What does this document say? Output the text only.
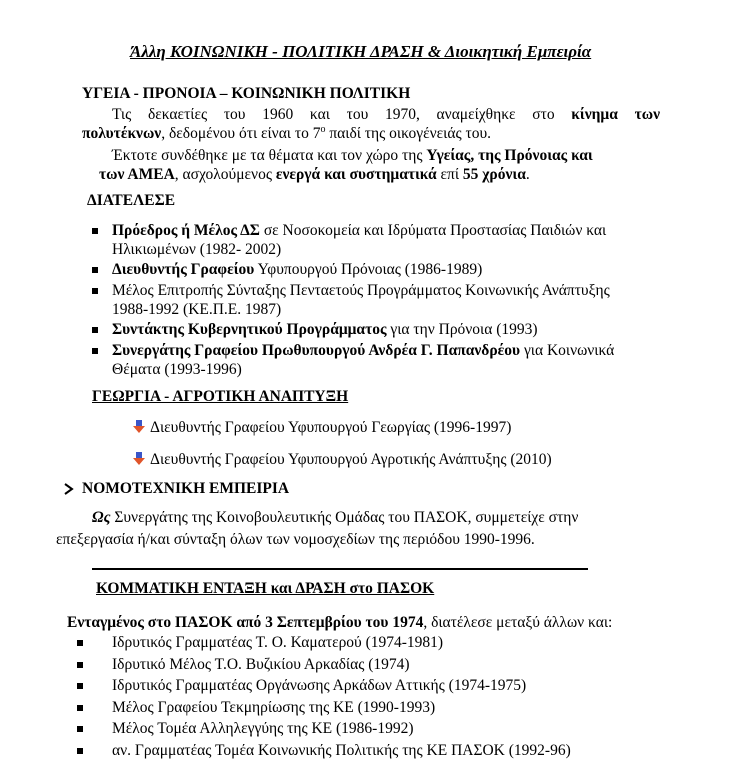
Άλλη ΚΟΙΝΩΝΙΚΗ - ΠΟΛΙΤΙΚΗ ΔΡΑΣΗ & Διοικητική Εμπειρία
ΥΓΕΙΑ - ΠΡΟΝΟΙΑ – ΚΟΙΝΩΝΙΚΗ ΠΟΛΙΤΙΚΗ
Τις δεκαετίες του 1960 και του 1970, αναμείχθηκε στο κίνημα των
πολυτέκνων, δεδομένου ότι είναι το $7^o$ παιδί της οικογένειάς του.
Έκτοτε συνδέθηκε με τα θέματα και τον χώρο της Υγείας, της Πρόνοιας και
των ΑΜΕΑ, ασχολούμενος ενεργά και συστηματικά επί 55 χρόνια.
ΔΙΑΤΕΛΕΣΕ
Πρόεδρος ή Μέλος ΔΣ σε Νοσοκομεία και Ιδρύματα Προστασίας Παιδιών και
Ηλικιωμένων (1982- 2002)
Διευθυντής Γραφείου Υφυπουργού Πρόνοιας (1986-1989)
Μέλος Επιτροπής Σύνταξης Πενταετούς Προγράμματος Κοινωνικής Ανάπτυξης
1988-1992 (ΚΕ.Π.Ε. 1987)
Συντάκτης Κυβερνητικού Προγράμματος για την Πρόνοια (1993)
Συνεργάτης Γραφείου Πρωθυπουργού Ανδρέα Γ. Παπανδρέου για Κοινωνικά
Θέματα (1993-1996)
ΓΕΩΡΓΙΑ - ΑΓΡΟΤΙΚΗ ΑΝΑΠΤΥΞΗ
Διευθυντής Γραφείου Υφυπουργού Γεωργίας (1996-1997)
Διευθυντής Γραφείου Υφυπουργού Αγροτικής Ανάπτυξης (2010)
ΝΟΜΟΤΕΧΝΙΚΗ ΕΜΠΕΙΡΙΑ
Ως Συνεργάτης της Κοινοβουλευτικής Ομάδας του ΠΑΣΟΚ, συμμετείχε στην
επεξεργασία ή/και σύνταξη όλων των νομοσχεδίων της περιόδου 1990-1996.
ΚΟΜΜΑΤΙΚΗ ΕΝΤΑΞΗ και ΔΡΑΣΗ στο ΠΑΣΟΚ
Ενταγμένος στο ΠΑΣΟΚ από 3 Σεπτεμβρίου του 1974, διατέλεσε μεταξύ άλλων και:
Ιδρυτικός Γραμματέας Τ. Ο. Καματερού (1974-1981)
Ιδρυτικό Μέλος Τ.Ο. Βυζικίου Αρκαδίας (1974)
Ιδρυτικός Γραμματέας Οργάνωσης Αρκάδων Αττικής (1974-1975)
Μέλος Γραφείου Τεκμηρίωσης της ΚΕ (1990-1993)
Μέλος Τομέα Αλληλεγγύης της ΚΕ (1986-1992)
αν. Γραμματέας Τομέα Κοινωνικής Πολιτικής της ΚΕ ΠΑΣΟΚ (1992-96)
